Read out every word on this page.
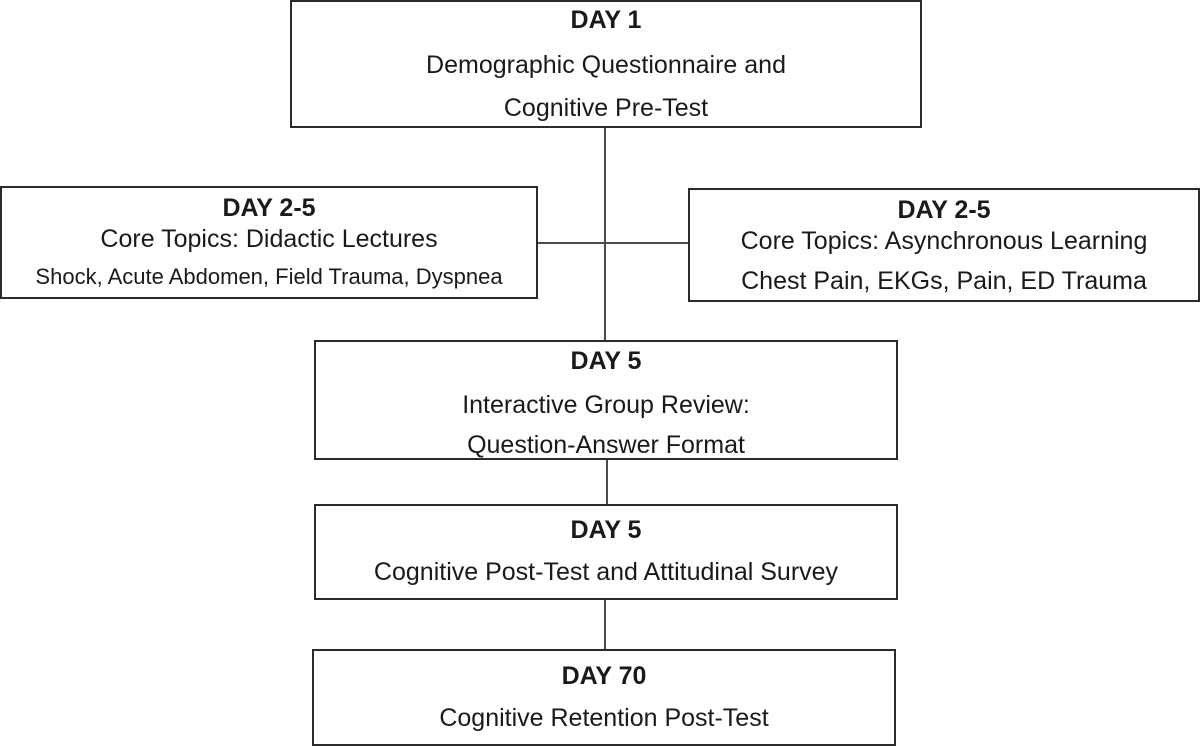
DAY 1
Demographic Questionnaire and
Cognitive Pre-Test
DAY 2-5
Core Topics: Didactic Lectures
Shock, Acute Abdomen, Field Trauma, Dyspnea
DAY 2-5
Core Topics: Asynchronous Learning
Chest Pain, EKGs, Pain, ED Trauma
DAY 5
Interactive Group Review:
Question-Answer Format
DAY 5
Cognitive Post-Test and Attitudinal Survey
DAY 70
Cognitive Retention Post-Test
